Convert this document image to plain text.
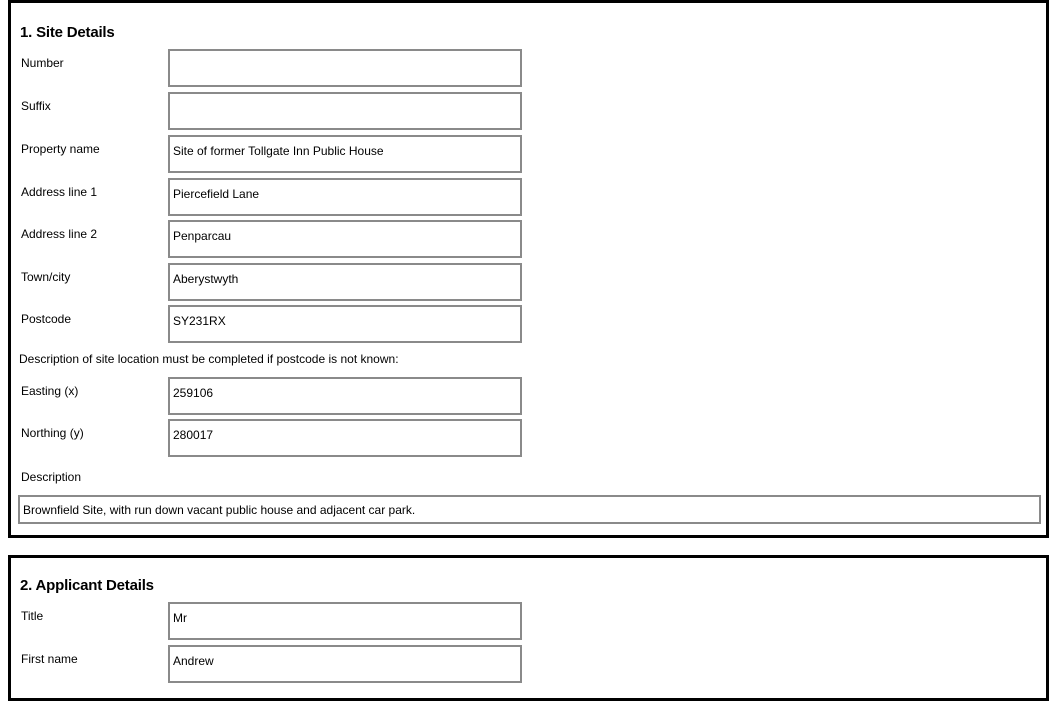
1. Site Details
Number
Suffix
Property name	Site of former Tollgate Inn Public House
Address line 1	Piercefield Lane
Address line 2	Penparcau
Town/city	Aberystwyth
Postcode	SY231RX
Description of site location must be completed if postcode is not known:
Easting (x)	259106
Northing (y)	280017
Description
Brownfield Site, with run down vacant public house and adjacent car park.
2. Applicant Details
Title	Mr
First name	Andrew
